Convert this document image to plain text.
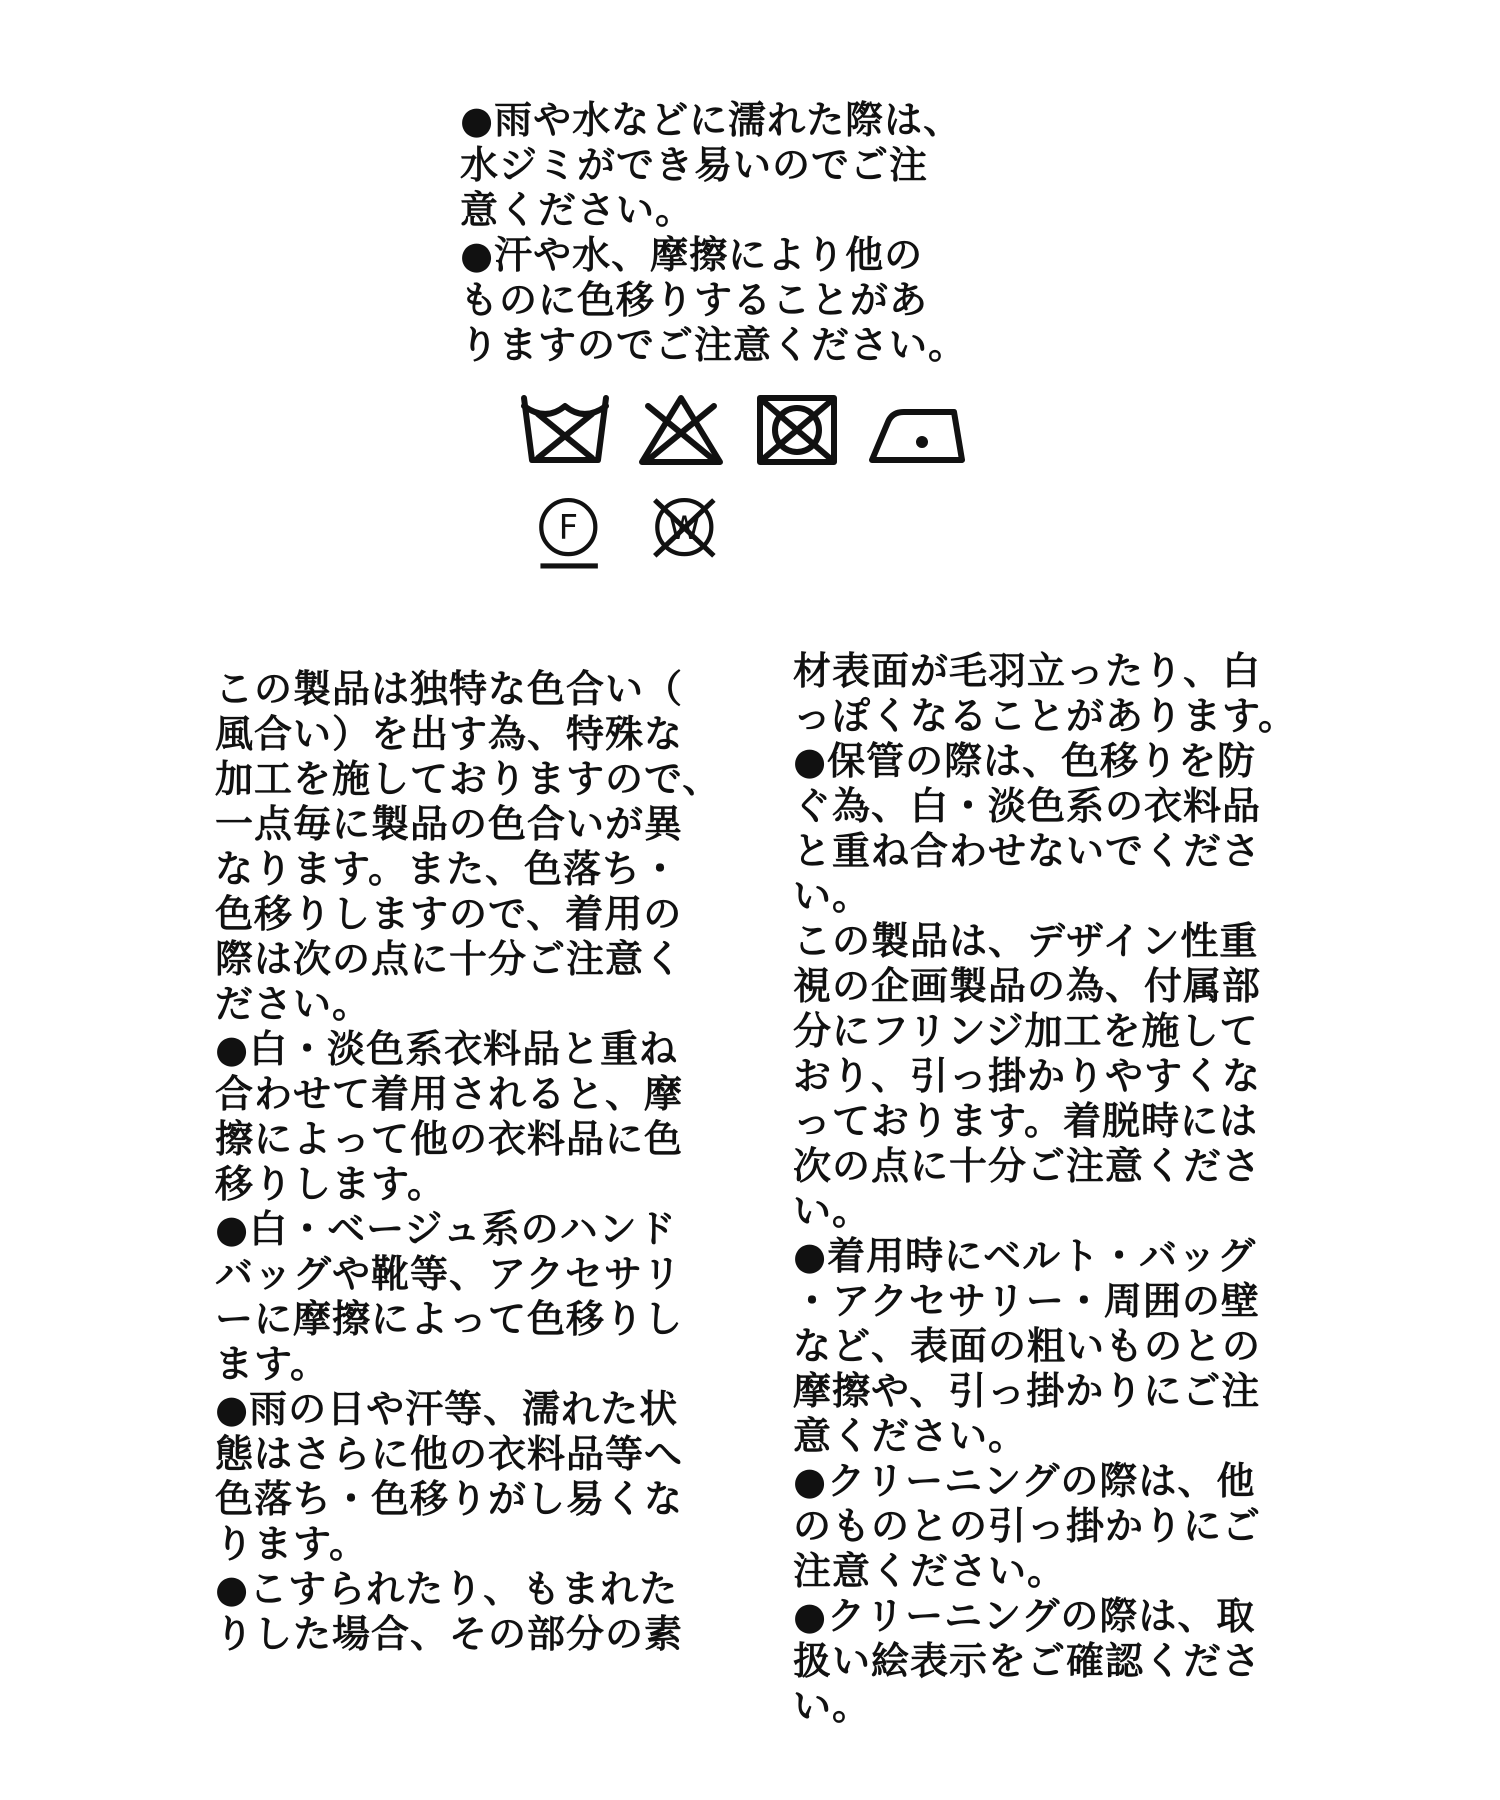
●雨や水などに濡れた際は、
水ジミができ易いのでご注
意ください。
●汗や水、摩擦により他の
ものに色移りすることがあ
りますのでご注意ください。

F W

この製品は独特な色合い（
風合い）を出す為、特殊な
加工を施しておりますので、
一点毎に製品の色合いが異
なります。また、色落ち・
色移りしますので、着用の
際は次の点に十分ご注意く
ださい。
●白・淡色系衣料品と重ね
合わせて着用されると、摩
擦によって他の衣料品に色
移りします。
●白・ベージュ系のハンド
バッグや靴等、アクセサリ
ーに摩擦によって色移りし
ます。
●雨の日や汗等、濡れた状
態はさらに他の衣料品等へ
色落ち・色移りがし易くな
ります。
●こすられたり、もまれた
りした場合、その部分の素

材表面が毛羽立ったり、白
っぽくなることがあります。
●保管の際は、色移りを防
ぐ為、白・淡色系の衣料品
と重ね合わせないでくださ
い。
この製品は、デザイン性重
視の企画製品の為、付属部
分にフリンジ加工を施して
おり、引っ掛かりやすくな
っております。着脱時には
次の点に十分ご注意くださ
い。
●着用時にベルト・バッグ
・アクセサリー・周囲の壁
など、表面の粗いものとの
摩擦や、引っ掛かりにご注
意ください。
●クリーニングの際は、他
のものとの引っ掛かりにご
注意ください。
●クリーニングの際は、取
扱い絵表示をご確認くださ
い。
